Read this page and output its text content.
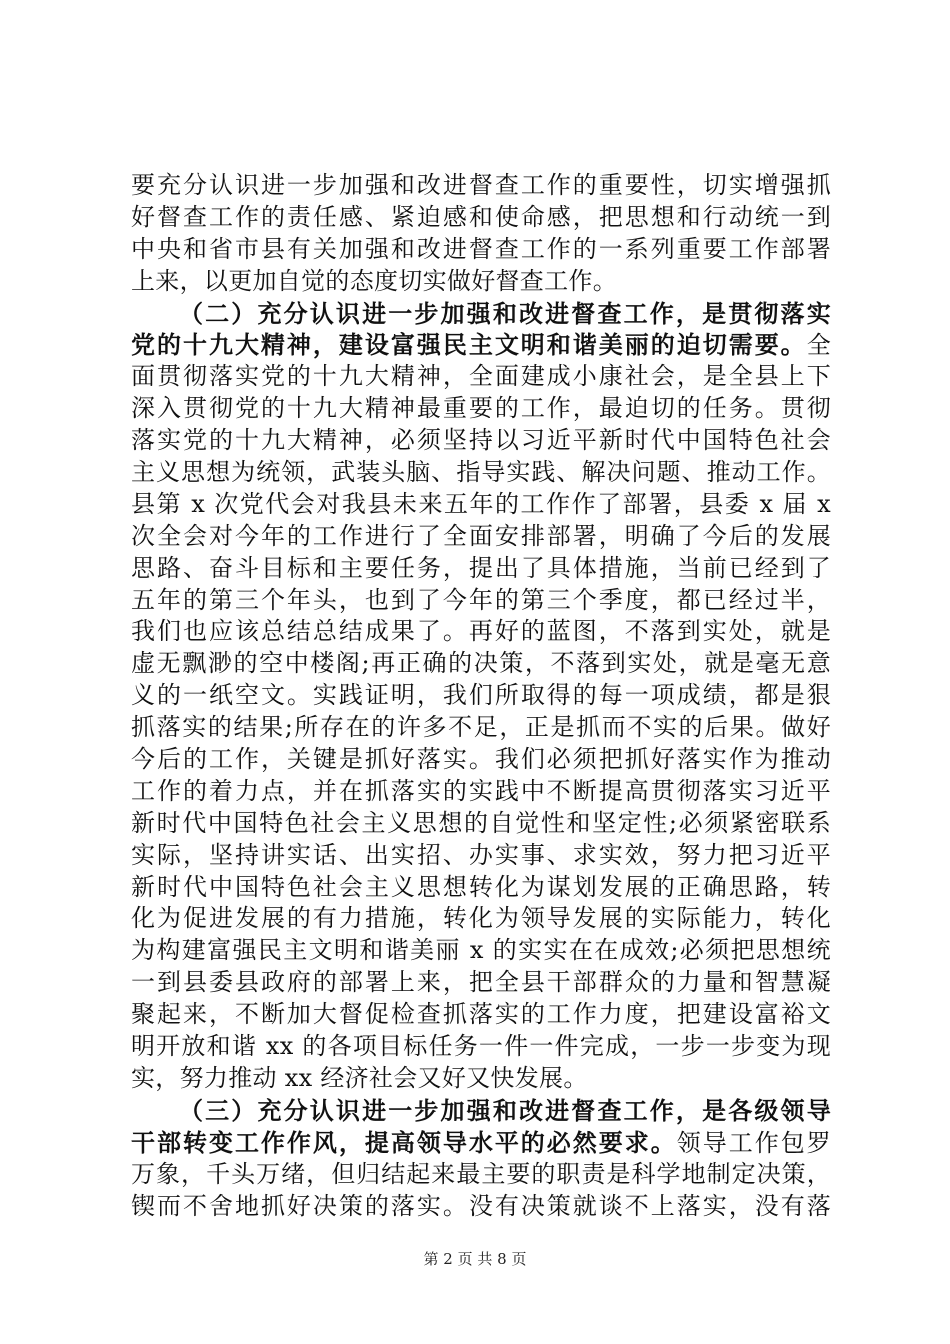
要充分认识进一步加强和改进督查工作的重要性，切实增强抓
好督查工作的责任感、紧迫感和使命感，把思想和行动统一到
中央和省市县有关加强和改进督查工作的一系列重要工作部署
上来，以更加自觉的态度切实做好督查工作。
（二）充分认识进一步加强和改进督查工作，是贯彻落实
党的十九大精神，建设富强民主文明和谐美丽的迫切需要。全
面贯彻落实党的十九大精神，全面建成小康社会，是全县上下
深入贯彻党的十九大精神最重要的工作，最迫切的任务。贯彻
落实党的十九大精神，必须坚持以习近平新时代中国特色社会
主义思想为统领，武装头脑、指导实践、解决问题、推动工作。
县第 x 次党代会对我县未来五年的工作作了部署，县委 x 届 x
次全会对今年的工作进行了全面安排部署，明确了今后的发展
思路、奋斗目标和主要任务，提出了具体措施，当前已经到了
五年的第三个年头，也到了今年的第三个季度，都已经过半，
我们也应该总结总结成果了。再好的蓝图，不落到实处，就是
虚无飘渺的空中楼阁;再正确的决策，不落到实处，就是毫无意
义的一纸空文。实践证明，我们所取得的每一项成绩，都是狠
抓落实的结果;所存在的许多不足，正是抓而不实的后果。做好
今后的工作，关键是抓好落实。我们必须把抓好落实作为推动
工作的着力点，并在抓落实的实践中不断提高贯彻落实习近平
新时代中国特色社会主义思想的自觉性和坚定性;必须紧密联系
实际，坚持讲实话、出实招、办实事、求实效，努力把习近平
新时代中国特色社会主义思想转化为谋划发展的正确思路，转
化为促进发展的有力措施，转化为领导发展的实际能力，转化
为构建富强民主文明和谐美丽 x 的实实在在成效;必须把思想统
一到县委县政府的部署上来，把全县干部群众的力量和智慧凝
聚起来，不断加大督促检查抓落实的工作力度，把建设富裕文
明开放和谐 xx 的各项目标任务一件一件完成，一步一步变为现
实，努力推动 xx 经济社会又好又快发展。
（三）充分认识进一步加强和改进督查工作，是各级领导
干部转变工作作风，提高领导水平的必然要求。领导工作包罗
万象，千头万绪，但归结起来最主要的职责是科学地制定决策，
锲而不舍地抓好决策的落实。没有决策就谈不上落实，没有落
第 2 页 共 8 页
